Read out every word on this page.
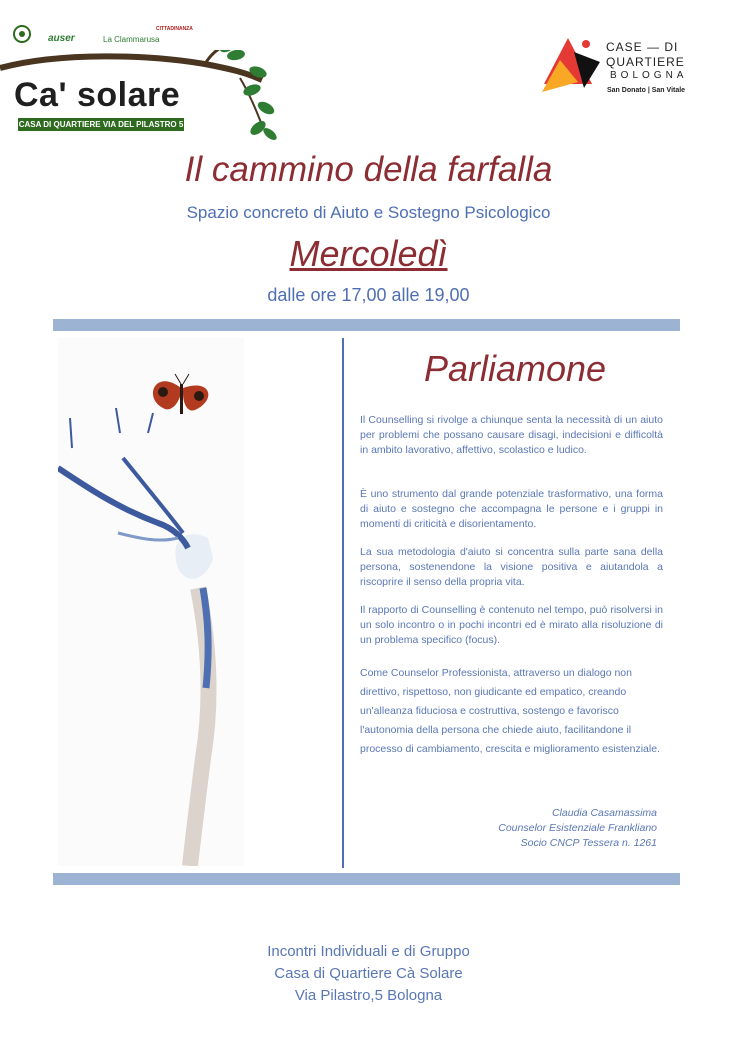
auser	La Clammarusa
CITTADINANZA
Ca' solare
CASA DI QUARTIERE VIA DEL PILASTRO 5
CASE — DI
QUARTIERE
BOLOGNA
San Donato | San Vitale
Il cammino della farfalla
Spazio concreto di Aiuto e Sostegno Psicologico
Mercoledì
dalle ore 17,00 alle 19,00
Parliamone
Il Counselling si rivolge a chiunque senta la necessità di un aiuto per problemi che possano causare disagi, indecisioni e difficoltà in ambito lavorativo, affettivo, scolastico e ludico.
È uno strumento dal grande potenziale trasformativo, una forma di aiuto e sostegno che accompagna le persone e i gruppi in momenti di criticità e disorientamento.
La sua metodologia d'aiuto si concentra sulla parte sana della persona, sostenendone la visione positiva e aiutandola a riscoprire il senso della propria vita.
Il rapporto di Counselling è contenuto nel tempo, può risolversi in un solo incontro o in pochi incontri ed è mirato alla risoluzione di un problema specifico (focus).
Come Counselor Professionista, attraverso un dialogo non direttivo, rispettoso, non giudicante ed empatico, creando un'alleanza fiduciosa e costruttiva, sostengo e favorisco l'autonomia della persona che chiede aiuto, facilitandone il processo di cambiamento, crescita e miglioramento esistenziale.
Claudia Casamassima
Counselor Esistenziale Frankliano
Socio CNCP Tessera n. 1261
Incontri Individuali e di Gruppo
Casa di Quartiere Cà Solare
Via Pilastro,5 Bologna
